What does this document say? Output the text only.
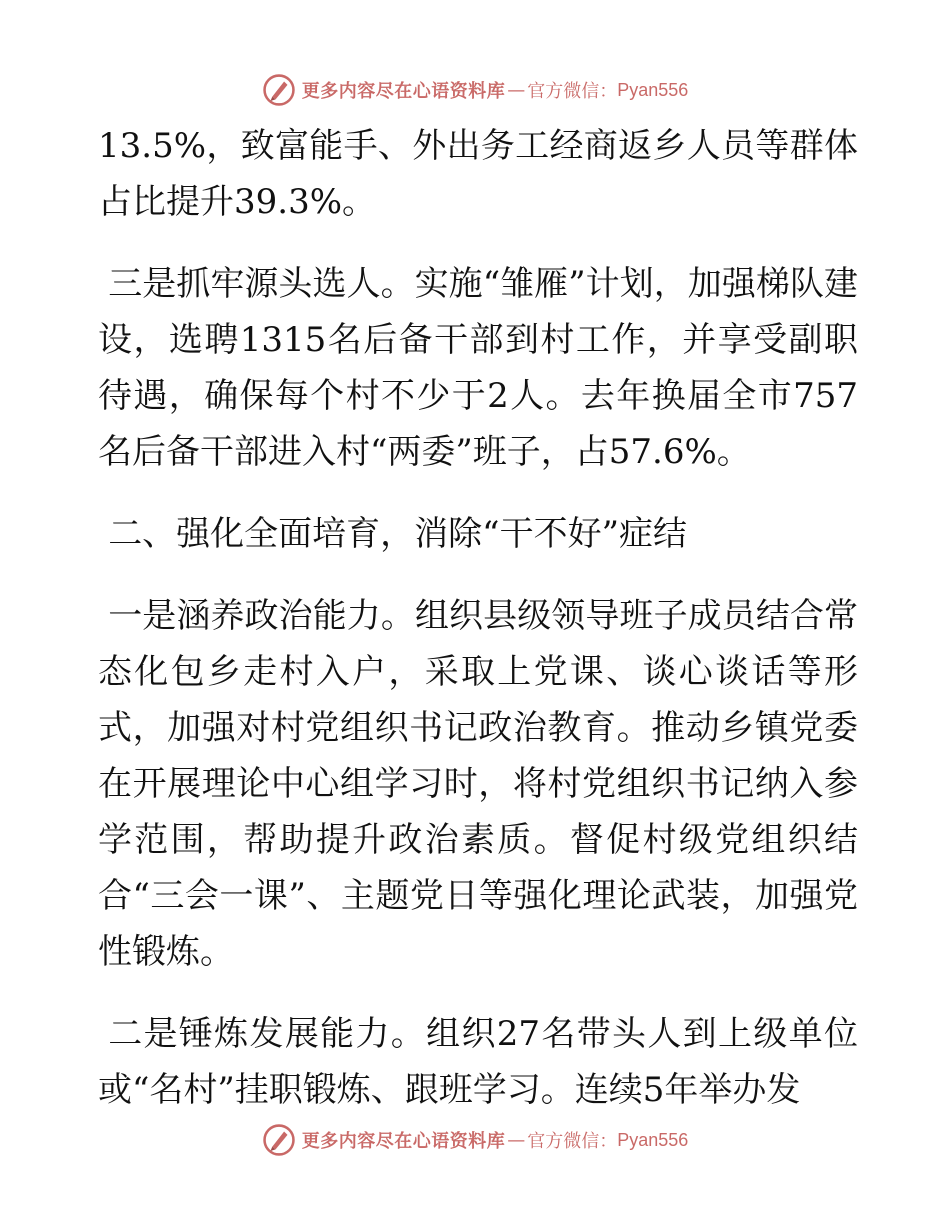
更多内容尽在心语资料库 — 官方微信： Pyan556

13.5%，致富能手、外出务工经商返乡人员等群体占比提升39.3%。

三是抓牢源头选人。实施“雏雁”计划，加强梯队建设，选聘1315名后备干部到村工作，并享受副职待遇，确保每个村不少于2人。去年换届全市757名后备干部进入村“两委”班子，占57.6%。

二、强化全面培育，消除“干不好”症结

一是涵养政治能力。组织县级领导班子成员结合常态化包乡走村入户，采取上党课、谈心谈话等形式，加强对村党组织书记政治教育。推动乡镇党委在开展理论中心组学习时，将村党组织书记纳入参学范围，帮助提升政治素质。督促村级党组织结合“三会一课”、主题党日等强化理论武装，加强党性锻炼。

二是锤炼发展能力。组织27名带头人到上级单位或“名村”挂职锻炼、跟班学习。连续5年举办发

更多内容尽在心语资料库 — 官方微信： Pyan556
